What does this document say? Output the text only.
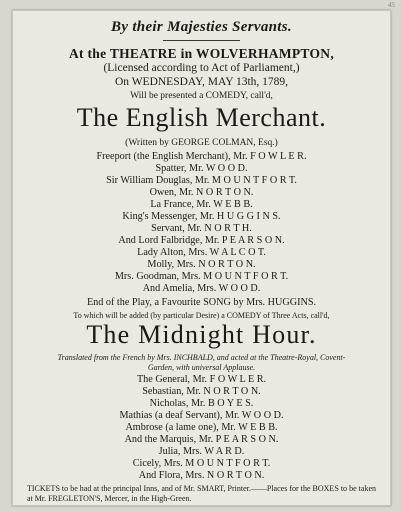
45
By their Majesties Servants.
At the THEATRE in WOLVERHAMPTON,
(Licensed according to Act of Parliament,)
On WEDNESDAY, MAY 13th, 1789,
Will be presented a COMEDY, call'd,
The English Merchant.
(Written by GEORGE COLMAN, Esq.)
Freeport (the English Merchant), Mr. F O W L E R.
Spatter, Mr. W O O D.
Sir William Douglas, Mr. M O U N T F O R T.
Owen, Mr. N O R T O N.
La France, Mr. W E B B.
King's Messenger, Mr. H U G G I N S.
Servant, Mr. N O R T H.
And Lord Falbridge, Mr. P E A R S O N.
Lady Alton, Mrs. W A L C O T.
Molly, Mrs. N O R T O N.
Mrs. Goodman, Mrs. M O U N T F O R T.
And Amelia, Mrs. W O O D.
End of the Play, a Favourite SONG by Mrs. HUGGINS.
To which will be added (by particular Desire) a COMEDY of Three Acts, call'd,
The Midnight Hour.
Translated from the French by Mrs. INCHBALD, and acted at the Theatre-Royal, Covent-
Garden, with universal Applause.
The General, Mr. F O W L E R.
Sebastian, Mr. N O R T O N.
Nicholas, Mr. B O Y E S.
Mathias (a deaf Servant), Mr. W O O D.
Ambrose (a lame one), Mr. W E B B.
And the Marquis, Mr. P E A R S O N.
Julia, Mrs. W A R D.
Cicely, Mrs. M O U N T F O R T.
And Flora, Mrs. N O R T O N.
TICKETS to be had at the principal Inns, and of Mr. SMART, Printer.——Places for the BOXES to be taken at Mr. FREGLETON'S, Mercer, in the High-Green.
